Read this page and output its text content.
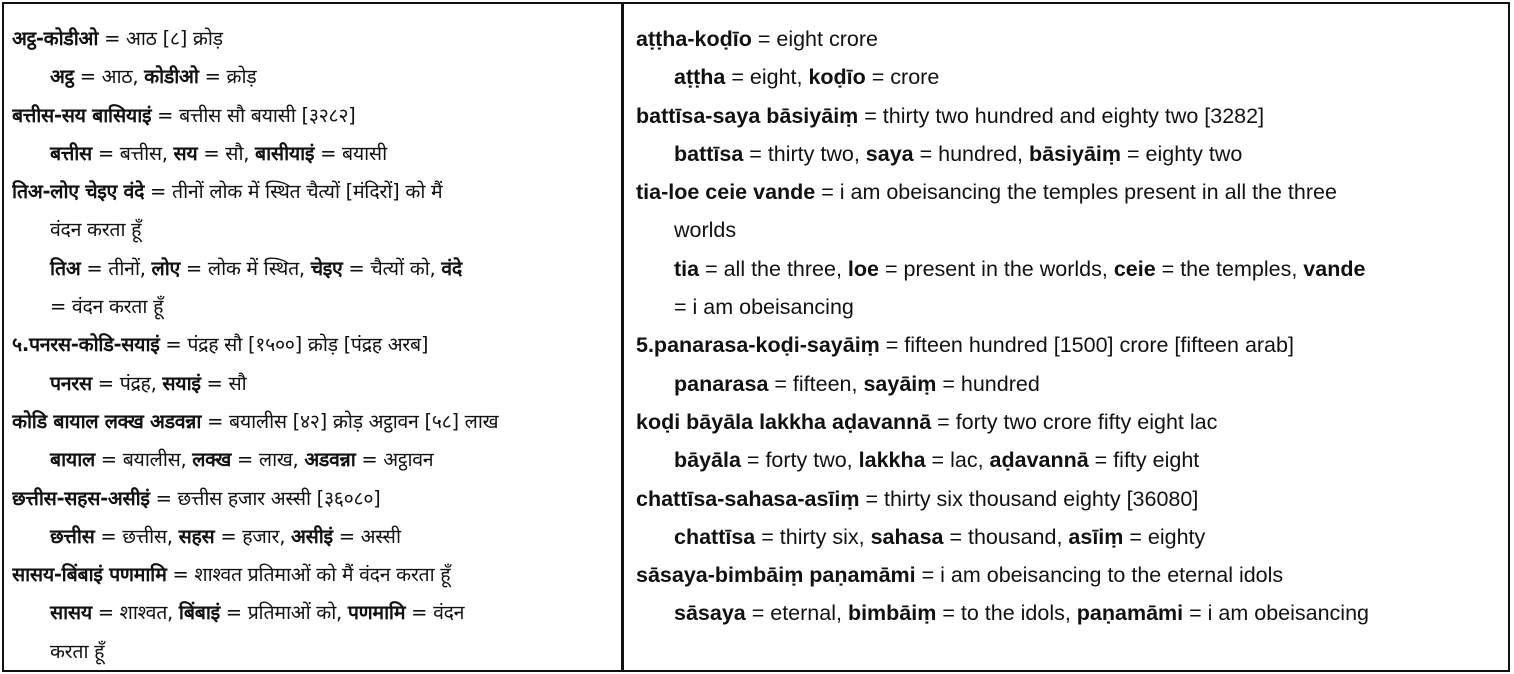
अट्ठ-कोडीओ = आठ [८] क्रोड़
अट्ठ = आठ, कोडीओ = क्रोड़
बत्तीस-सय बासियाइं = बत्तीस सौ बयासी [३२८२]
बत्तीस = बत्तीस, सय = सौ, बासीयाइं = बयासी
तिअ-लोए चेइए वंदे = तीनों लोक में स्थित चैत्यों [मंदिरों] को मैं
वंदन करता हूँ
तिअ = तीनों, लोए = लोक में स्थित, चेइए = चैत्यों को, वंदे
= वंदन करता हूँ
५.पनरस-कोडि-सयाइं = पंद्रह सौ [१५००] क्रोड़ [पंद्रह अरब]
पनरस = पंद्रह, सयाइं = सौ
कोडि बायाल लक्ख अडवन्ना = बयालीस [४२] क्रोड़ अट्ठावन [५८] लाख
बायाल = बयालीस, लक्ख = लाख, अडवन्ना = अट्ठावन
छत्तीस-सहस-असीइं = छत्तीस हजार अस्सी [३६०८०]
छत्तीस = छत्तीस, सहस = हजार, असीइं = अस्सी
सासय-बिंबाइं पणमामि = शाश्वत प्रतिमाओं को मैं वंदन करता हूँ
सासय = शाश्वत, बिंबाइं = प्रतिमाओं को, पणमामि = वंदन
करता हूँ
aṭṭha-koḍīo = eight crore
aṭṭha = eight, koḍīo = crore
battīsa-saya bāsiyāiṃ = thirty two hundred and eighty two [3282]
battīsa = thirty two, saya = hundred, bāsiyāiṃ = eighty two
tia-loe ceie vande = i am obeisancing the temples present in all the three
worlds
tia = all the three, loe = present in the worlds, ceie = the temples, vande
= i am obeisancing
5.panarasa-koḍi-sayāiṃ = fifteen hundred [1500] crore [fifteen arab]
panarasa = fifteen, sayāiṃ = hundred
koḍi bāyāla lakkha aḍavannā = forty two crore fifty eight lac
bāyāla = forty two, lakkha = lac, aḍavannā = fifty eight
chattīsa-sahasa-asīiṃ = thirty six thousand eighty [36080]
chattīsa = thirty six, sahasa = thousand, asīiṃ = eighty
sāsaya-bimbāiṃ paṇamāmi = i am obeisancing to the eternal idols
sāsaya = eternal, bimbāiṃ = to the idols, paṇamāmi = i am obeisancing
